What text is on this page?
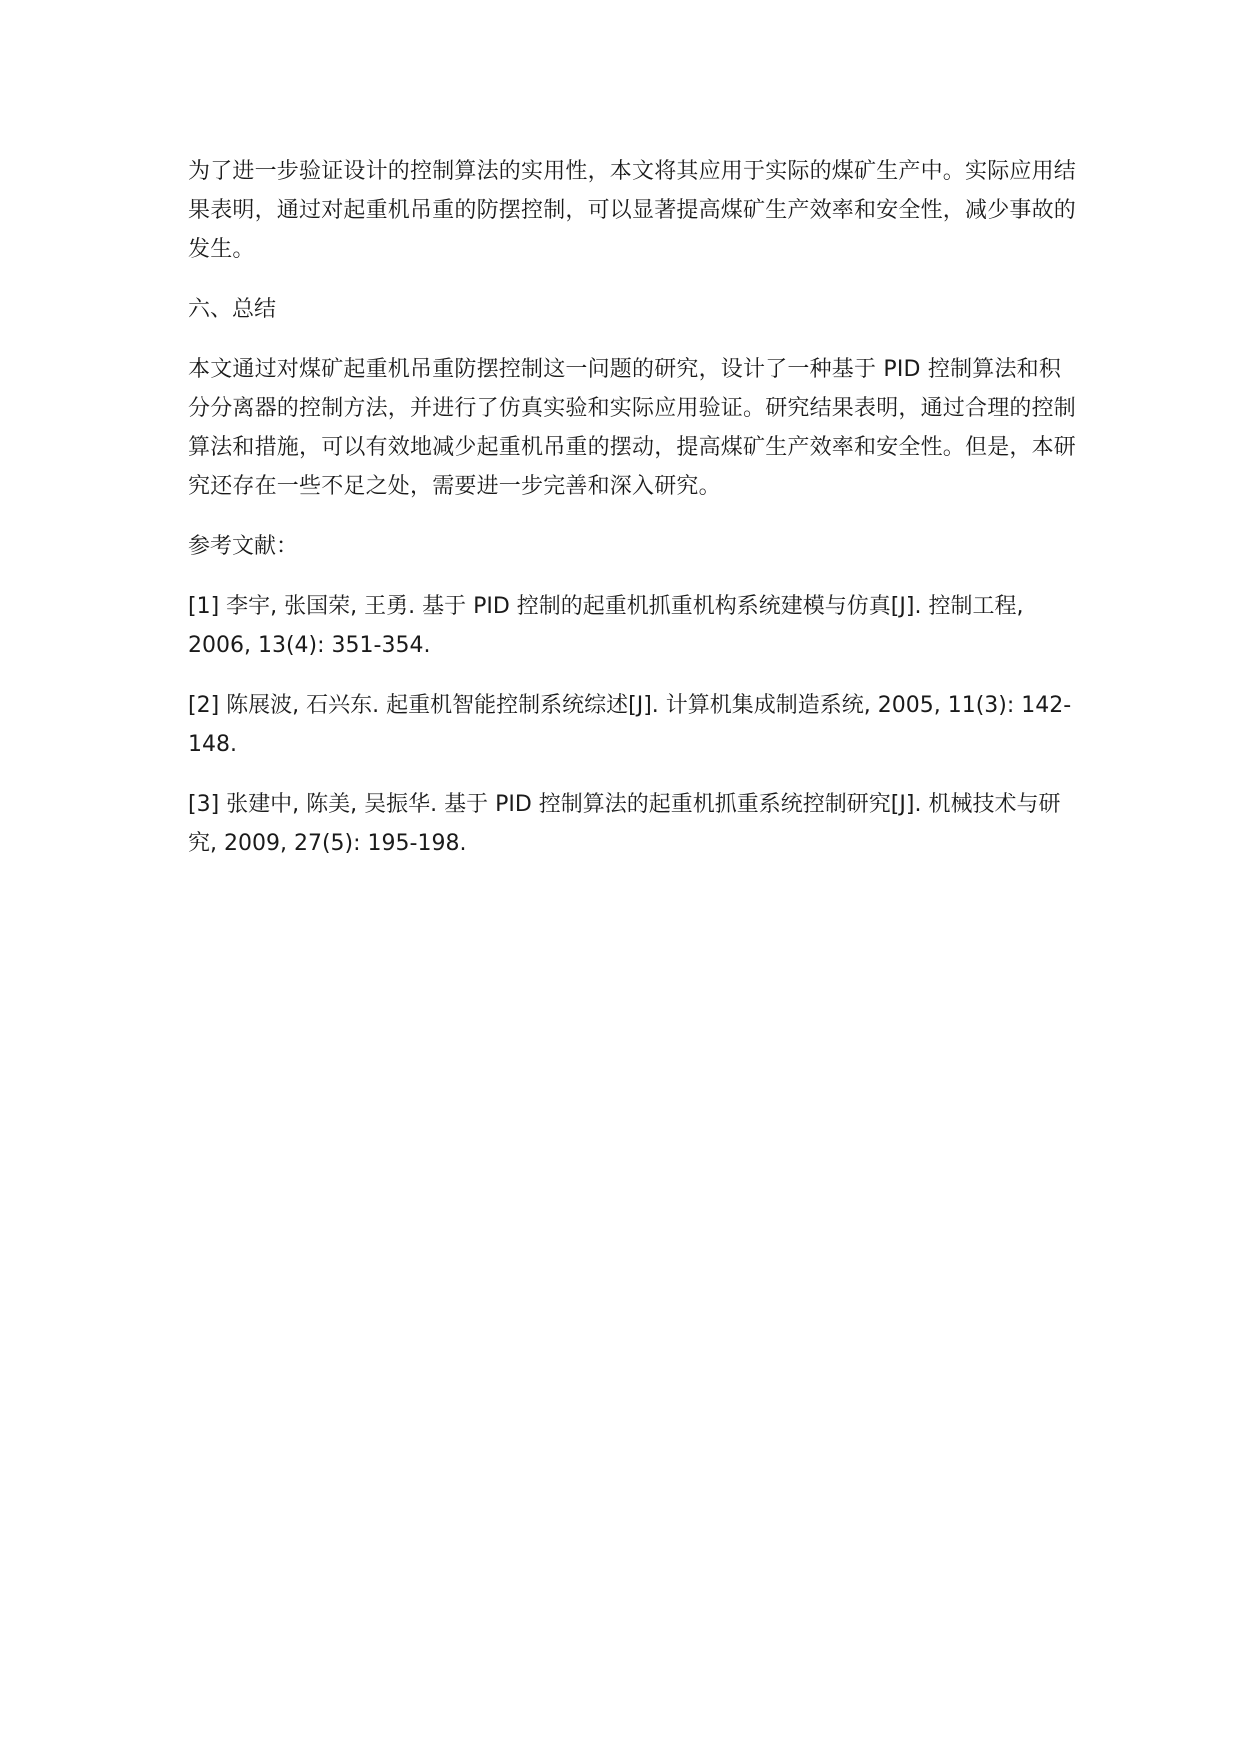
为了进一步验证设计的控制算法的实用性，本文将其应用于实际的煤矿生产中。实际应用结果表明，通过对起重机吊重的防摆控制，可以显著提高煤矿生产效率和安全性，减少事故的发生。

六、总结

本文通过对煤矿起重机吊重防摆控制这一问题的研究，设计了一种基于 PID 控制算法和积分分离器的控制方法，并进行了仿真实验和实际应用验证。研究结果表明，通过合理的控制算法和措施，可以有效地减少起重机吊重的摆动，提高煤矿生产效率和安全性。但是，本研究还存在一些不足之处，需要进一步完善和深入研究。

参考文献：

[1] 李宇, 张国荣, 王勇. 基于 PID 控制的起重机抓重机构系统建模与仿真[J]. 控制工程, 2006, 13(4): 351-354.

[2] 陈展波, 石兴东. 起重机智能控制系统综述[J]. 计算机集成制造系统, 2005, 11(3): 142-148.

[3] 张建中, 陈美, 吴振华. 基于 PID 控制算法的起重机抓重系统控制研究[J]. 机械技术与研究, 2009, 27(5): 195-198.
